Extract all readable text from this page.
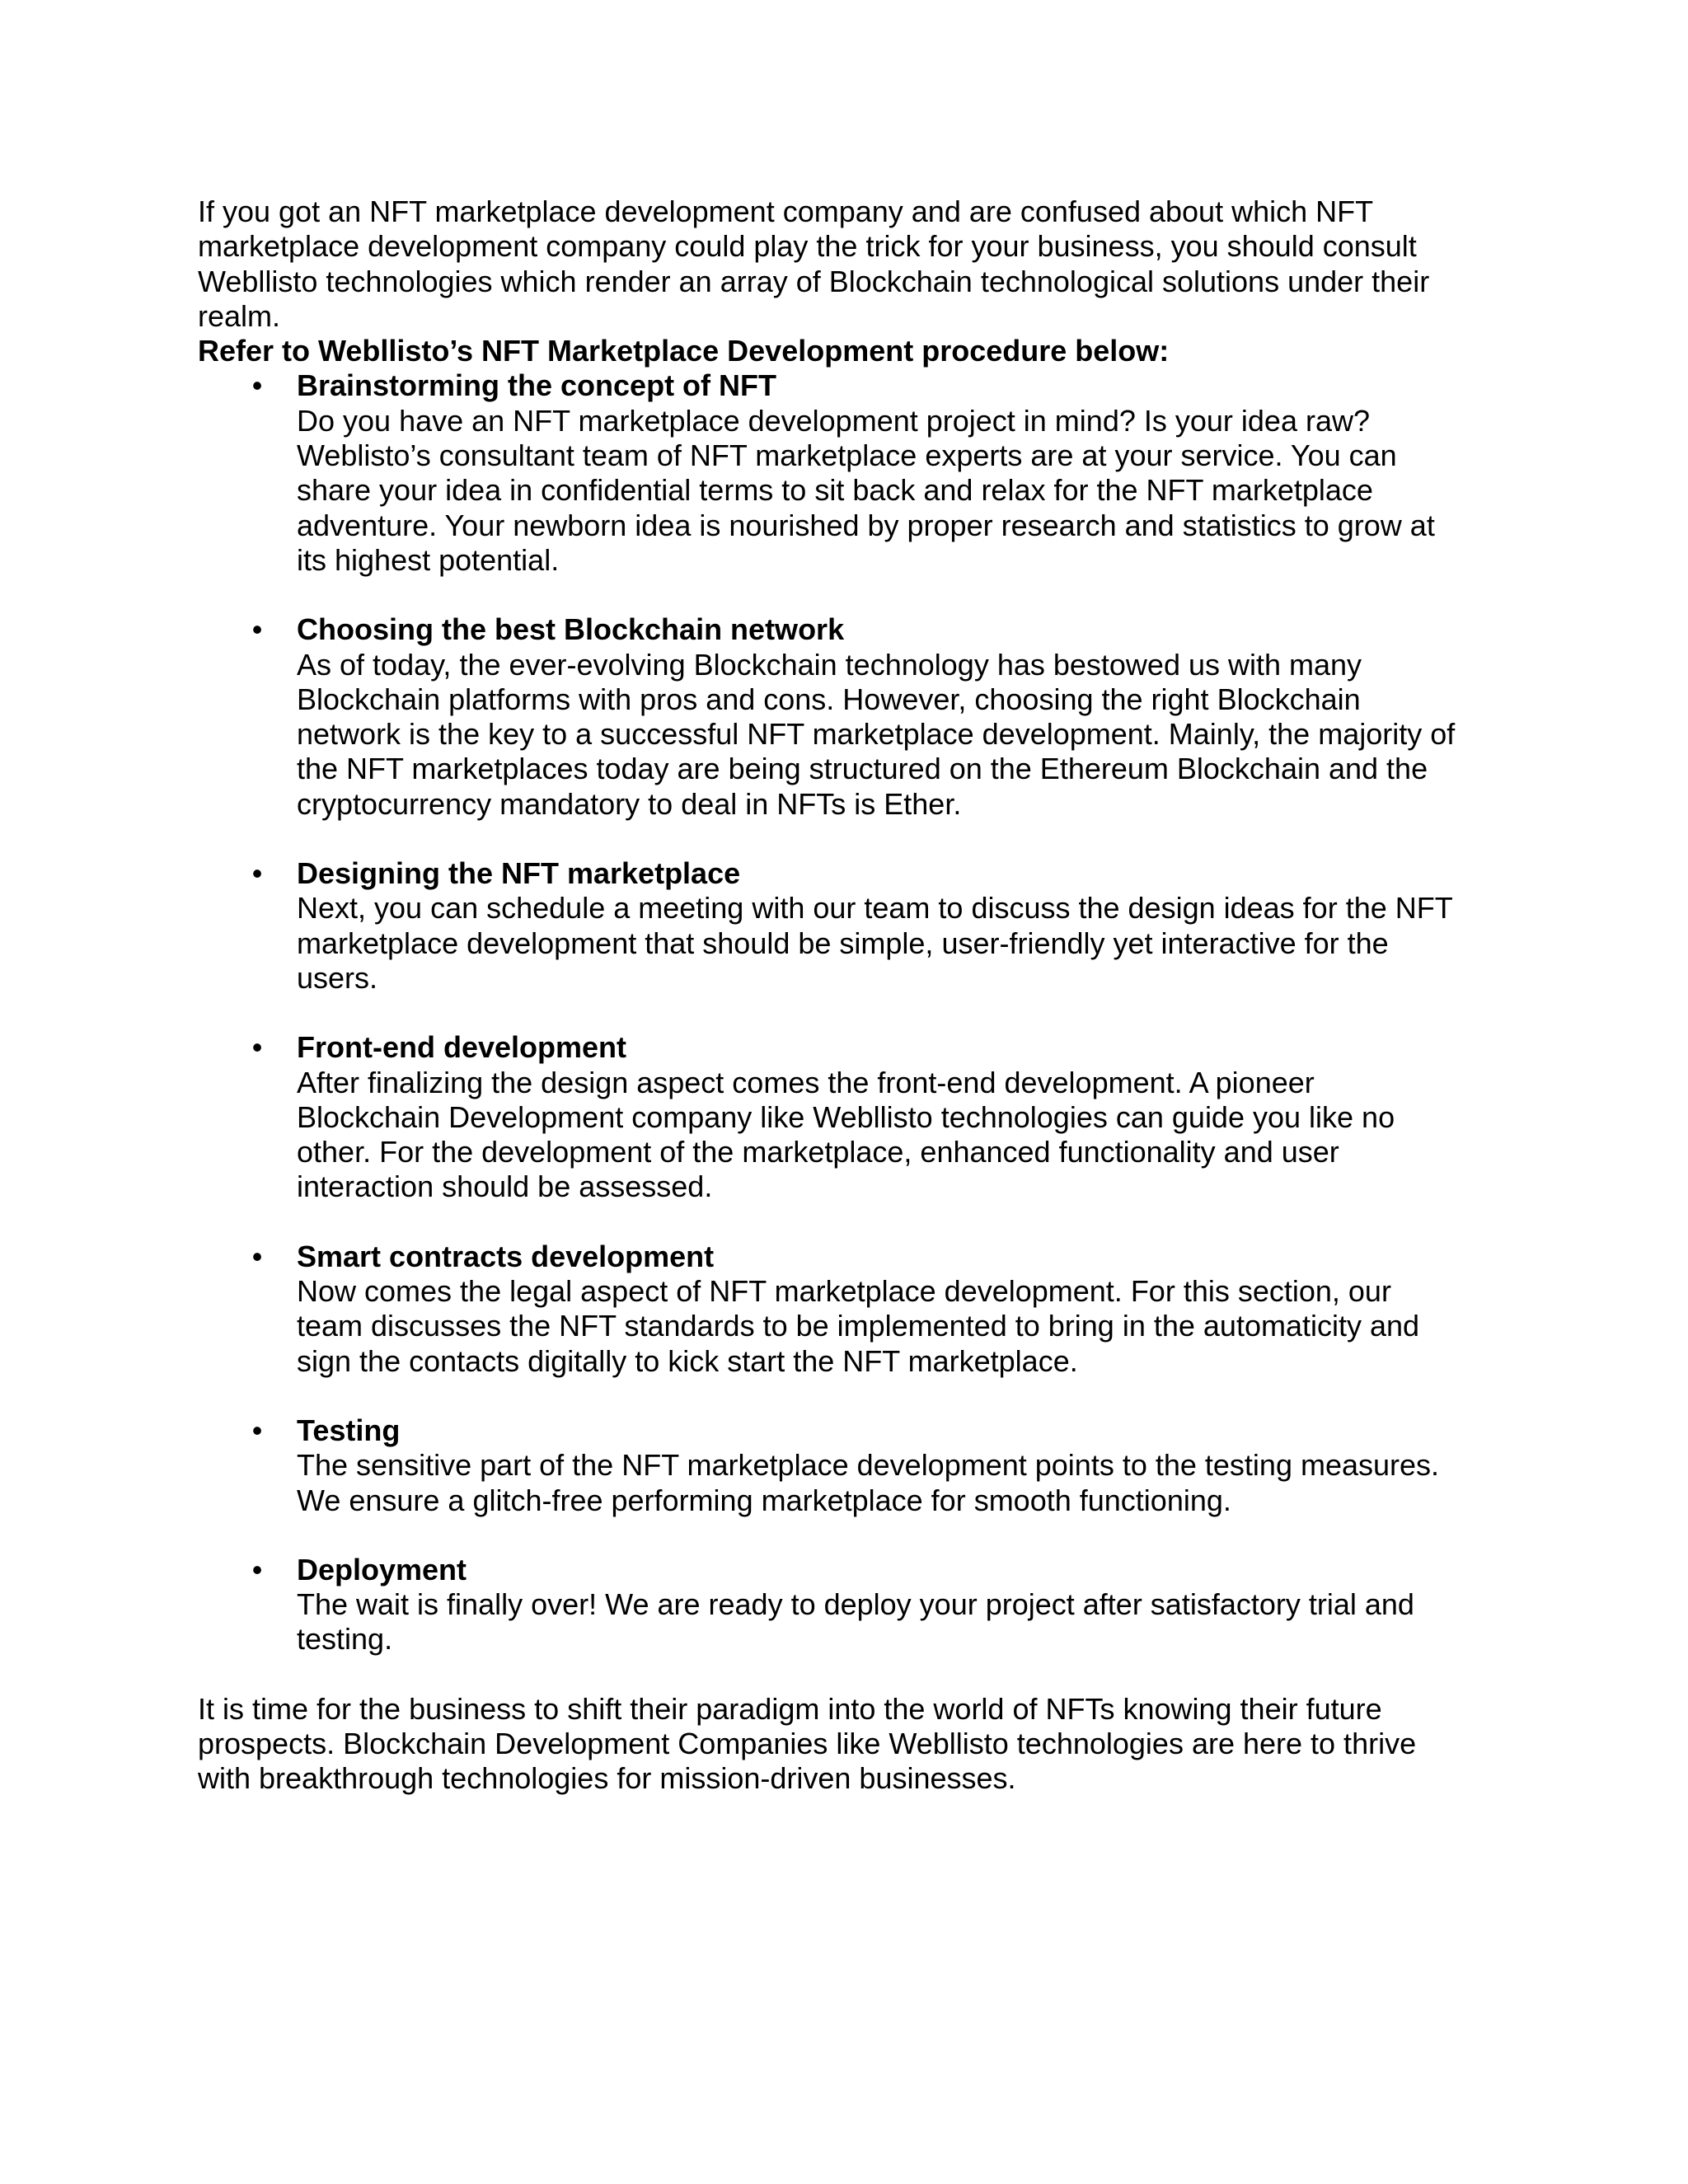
If you got an NFT marketplace development company and are confused about which NFT
marketplace development company could play the trick for your business, you should consult
Webllisto technologies which render an array of Blockchain technological solutions under their
realm.

Refer to Webllisto’s NFT Marketplace Development procedure below:

• Brainstorming the concept of NFT
Do you have an NFT marketplace development project in mind? Is your idea raw?
Weblisto’s consultant team of NFT marketplace experts are at your service. You can
share your idea in confidential terms to sit back and relax for the NFT marketplace
adventure. Your newborn idea is nourished by proper research and statistics to grow at
its highest potential.
• Choosing the best Blockchain network
As of today, the ever-evolving Blockchain technology has bestowed us with many
Blockchain platforms with pros and cons. However, choosing the right Blockchain
network is the key to a successful NFT marketplace development. Mainly, the majority of
the NFT marketplaces today are being structured on the Ethereum Blockchain and the
cryptocurrency mandatory to deal in NFTs is Ether.
• Designing the NFT marketplace
Next, you can schedule a meeting with our team to discuss the design ideas for the NFT
marketplace development that should be simple, user-friendly yet interactive for the
users.
• Front-end development
After finalizing the design aspect comes the front-end development. A pioneer
Blockchain Development company like Webllisto technologies can guide you like no
other. For the development of the marketplace, enhanced functionality and user
interaction should be assessed.
• Smart contracts development
Now comes the legal aspect of NFT marketplace development. For this section, our
team discusses the NFT standards to be implemented to bring in the automaticity and
sign the contacts digitally to kick start the NFT marketplace.
• Testing
The sensitive part of the NFT marketplace development points to the testing measures.
We ensure a glitch-free performing marketplace for smooth functioning.
• Deployment
The wait is finally over! We are ready to deploy your project after satisfactory trial and
testing.

It is time for the business to shift their paradigm into the world of NFTs knowing their future
prospects. Blockchain Development Companies like Webllisto technologies are here to thrive
with breakthrough technologies for mission-driven businesses.
